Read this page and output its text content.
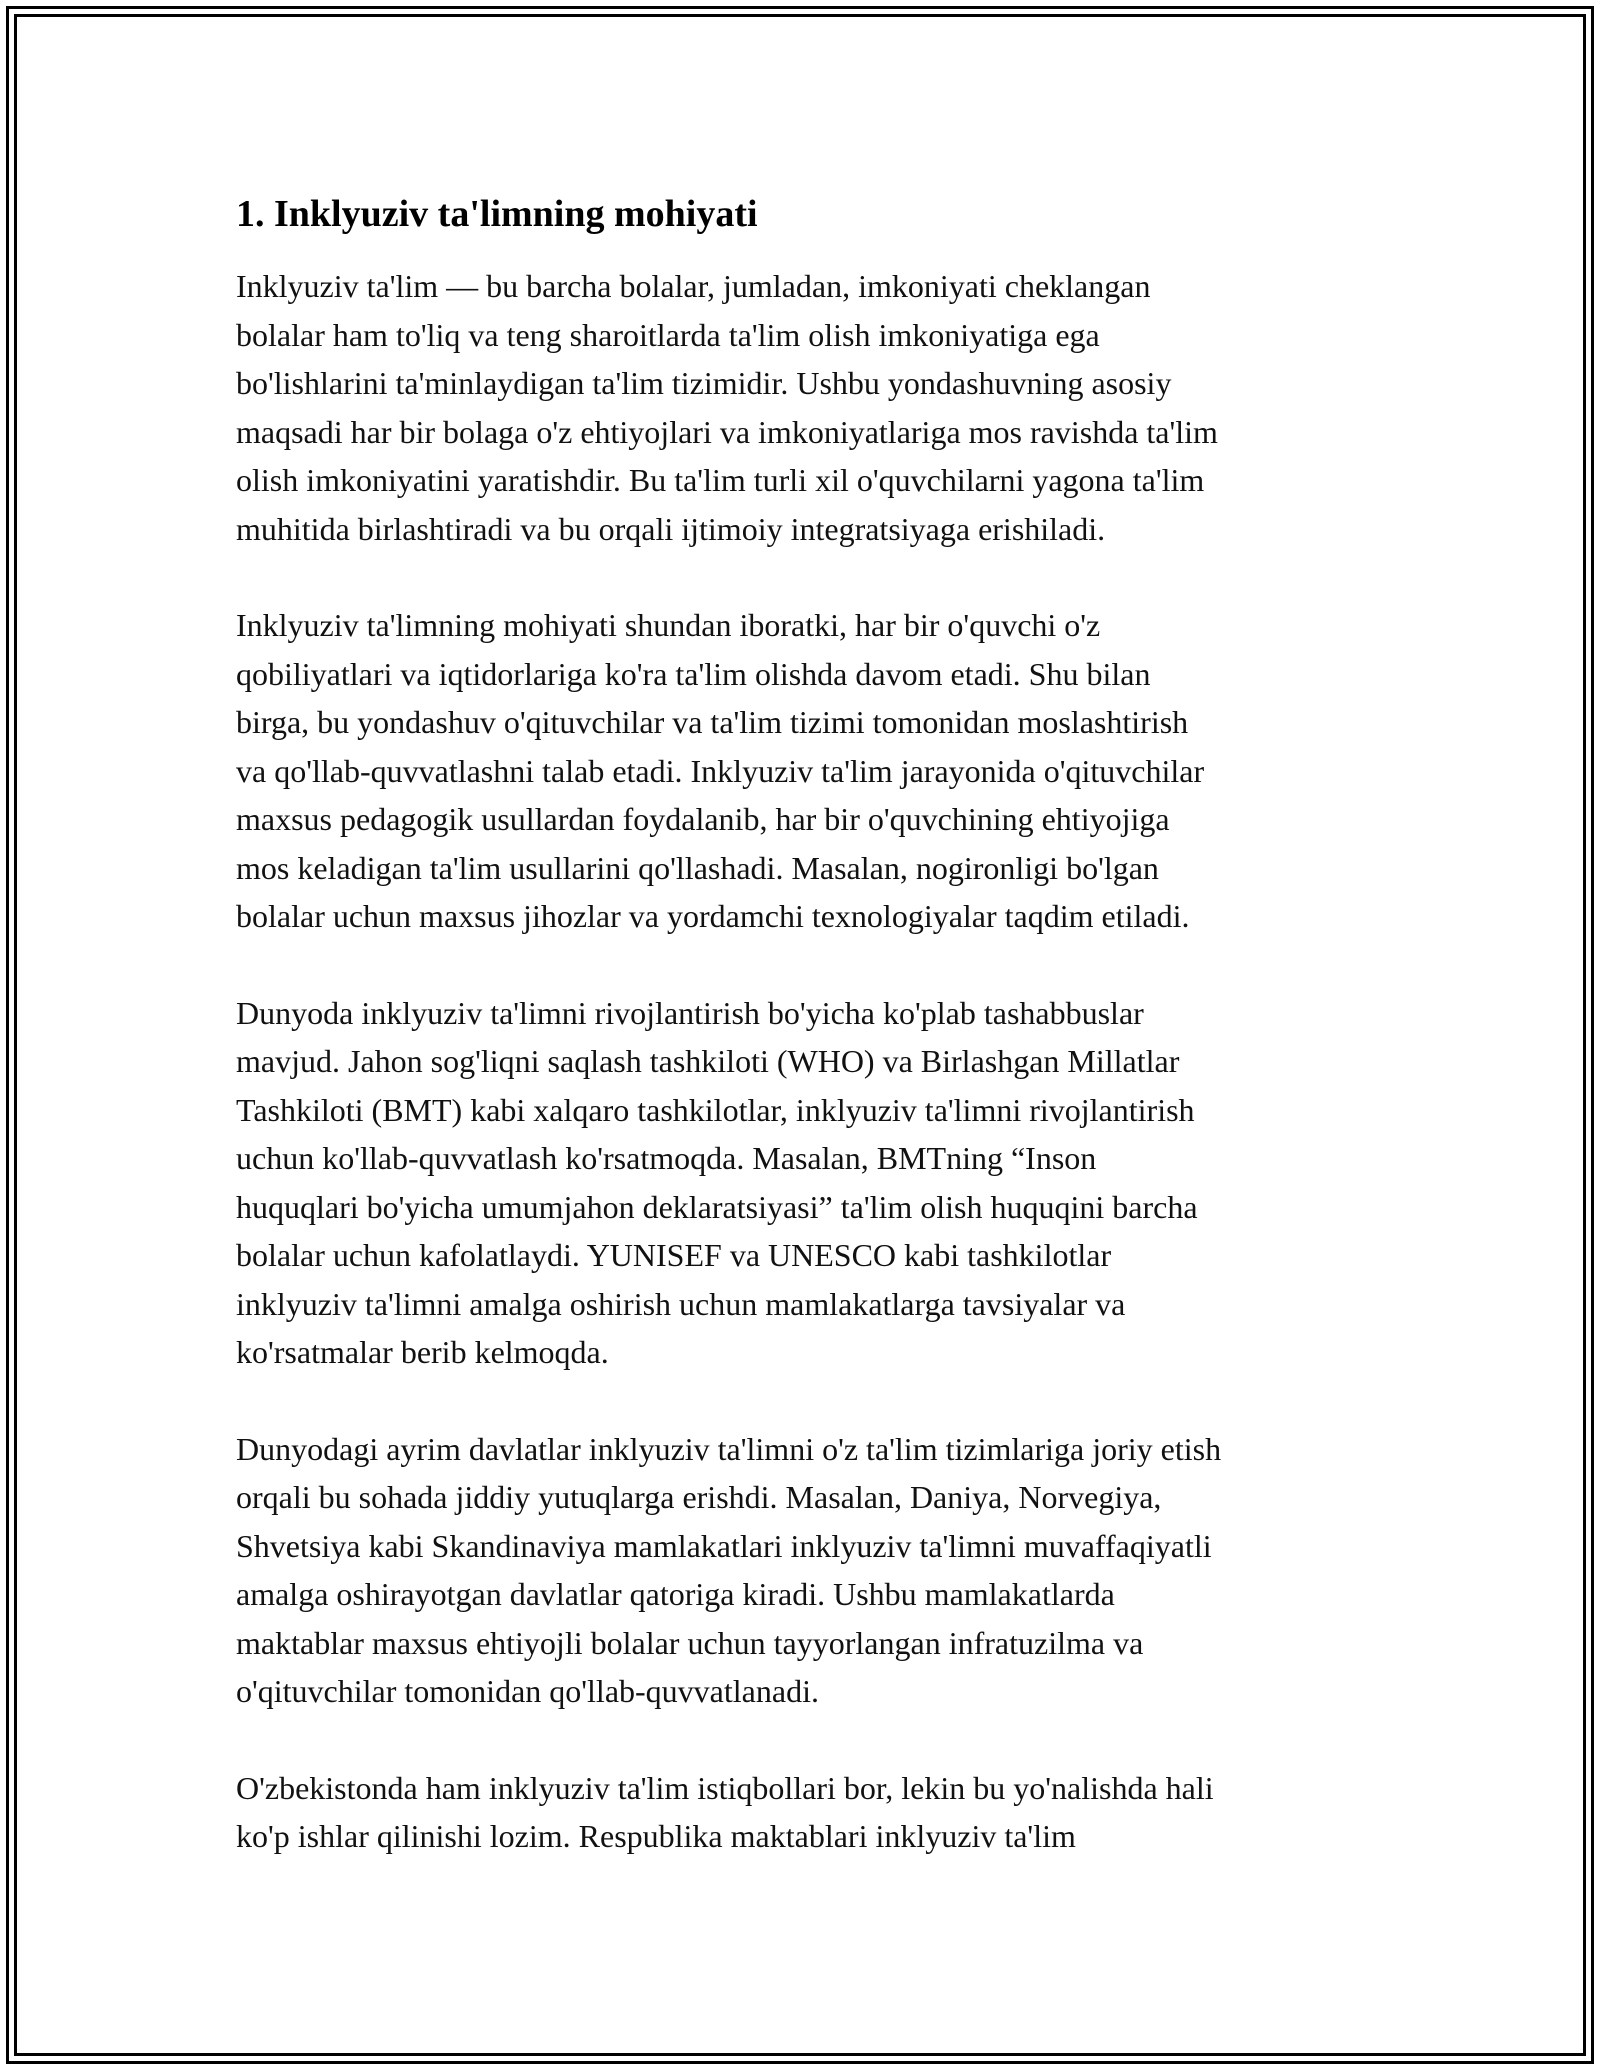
1. Inklyuziv ta'limning mohiyati

Inklyuziv ta'lim — bu barcha bolalar, jumladan, imkoniyati cheklangan
bolalar ham to'liq va teng sharoitlarda ta'lim olish imkoniyatiga ega
bo'lishlarini ta'minlaydigan ta'lim tizimidir. Ushbu yondashuvning asosiy
maqsadi har bir bolaga o'z ehtiyojlari va imkoniyatlariga mos ravishda ta'lim
olish imkoniyatini yaratishdir. Bu ta'lim turli xil o'quvchilarni yagona ta'lim
muhitida birlashtiradi va bu orqali ijtimoiy integratsiyaga erishiladi.

Inklyuziv ta'limning mohiyati shundan iboratki, har bir o'quvchi o'z
qobiliyatlari va iqtidorlariga ko'ra ta'lim olishda davom etadi. Shu bilan
birga, bu yondashuv o'qituvchilar va ta'lim tizimi tomonidan moslashtirish
va qo'llab-quvvatlashni talab etadi. Inklyuziv ta'lim jarayonida o'qituvchilar
maxsus pedagogik usullardan foydalanib, har bir o'quvchining ehtiyojiga
mos keladigan ta'lim usullarini qo'llashadi. Masalan, nogironligi bo'lgan
bolalar uchun maxsus jihozlar va yordamchi texnologiyalar taqdim etiladi.

Dunyoda inklyuziv ta'limni rivojlantirish bo'yicha ko'plab tashabbuslar
mavjud. Jahon sog'liqni saqlash tashkiloti (WHO) va Birlashgan Millatlar
Tashkiloti (BMT) kabi xalqaro tashkilotlar, inklyuziv ta'limni rivojlantirish
uchun ko'llab-quvvatlash ko'rsatmoqda. Masalan, BMTning “Inson
huquqlari bo'yicha umumjahon deklaratsiyasi” ta'lim olish huquqini barcha
bolalar uchun kafolatlaydi. YUNISEF va UNESCO kabi tashkilotlar
inklyuziv ta'limni amalga oshirish uchun mamlakatlarga tavsiyalar va
ko'rsatmalar berib kelmoqda.

Dunyodagi ayrim davlatlar inklyuziv ta'limni o'z ta'lim tizimlariga joriy etish
orqali bu sohada jiddiy yutuqlarga erishdi. Masalan, Daniya, Norvegiya,
Shvetsiya kabi Skandinaviya mamlakatlari inklyuziv ta'limni muvaffaqiyatli
amalga oshirayotgan davlatlar qatoriga kiradi. Ushbu mamlakatlarda
maktablar maxsus ehtiyojli bolalar uchun tayyorlangan infratuzilma va
o'qituvchilar tomonidan qo'llab-quvvatlanadi.

O'zbekistonda ham inklyuziv ta'lim istiqbollari bor, lekin bu yo'nalishda hali
ko'p ishlar qilinishi lozim. Respublika maktablari inklyuziv ta'lim
